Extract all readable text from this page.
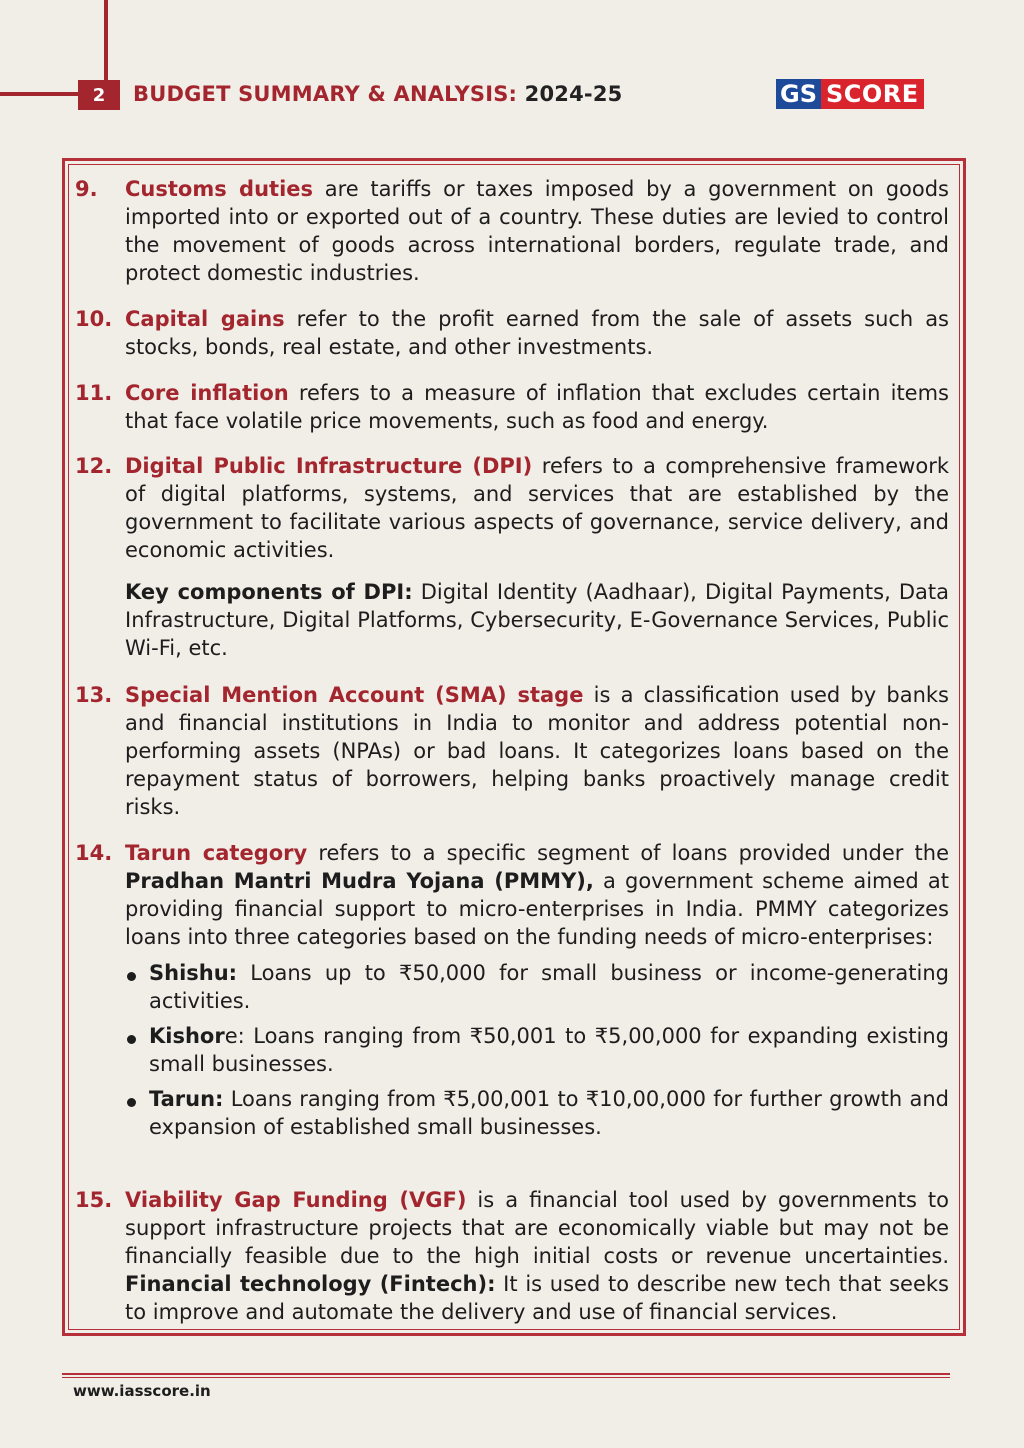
2	BUDGET SUMMARY & ANALYSIS: 2024-25	GS SCORE
9. Customs duties are tariffs or taxes imposed by a government on goods imported into or exported out of a country. These duties are levied to control the movement of goods across international borders, regulate trade, and protect domestic industries.
10. Capital gains refer to the profit earned from the sale of assets such as stocks, bonds, real estate, and other investments.
11. Core inflation refers to a measure of inflation that excludes certain items that face volatile price movements, such as food and energy.
12. Digital Public Infrastructure (DPI) refers to a comprehensive framework of digital platforms, systems, and services that are established by the government to facilitate various aspects of governance, service delivery, and economic activities.
Key components of DPI: Digital Identity (Aadhaar), Digital Payments, Data Infrastructure, Digital Platforms, Cybersecurity, E-Governance Services, Public Wi-Fi, etc.
13. Special Mention Account (SMA) stage is a classification used by banks and financial institutions in India to monitor and address potential non-performing assets (NPAs) or bad loans. It categorizes loans based on the repayment status of borrowers, helping banks proactively manage credit risks.
14. Tarun category refers to a specific segment of loans provided under the Pradhan Mantri Mudra Yojana (PMMY), a government scheme aimed at providing financial support to micro-enterprises in India. PMMY categorizes loans into three categories based on the funding needs of micro-enterprises:
Shishu: Loans up to ₹50,000 for small business or income-generating activities.
Kishore: Loans ranging from ₹50,001 to ₹5,00,000 for expanding existing small businesses.
Tarun: Loans ranging from ₹5,00,001 to ₹10,00,000 for further growth and expansion of established small businesses.
15. Viability Gap Funding (VGF) is a financial tool used by governments to support infrastructure projects that are economically viable but may not be financially feasible due to the high initial costs or revenue uncertainties. Financial technology (Fintech): It is used to describe new tech that seeks to improve and automate the delivery and use of financial services.
www.iasscore.in
